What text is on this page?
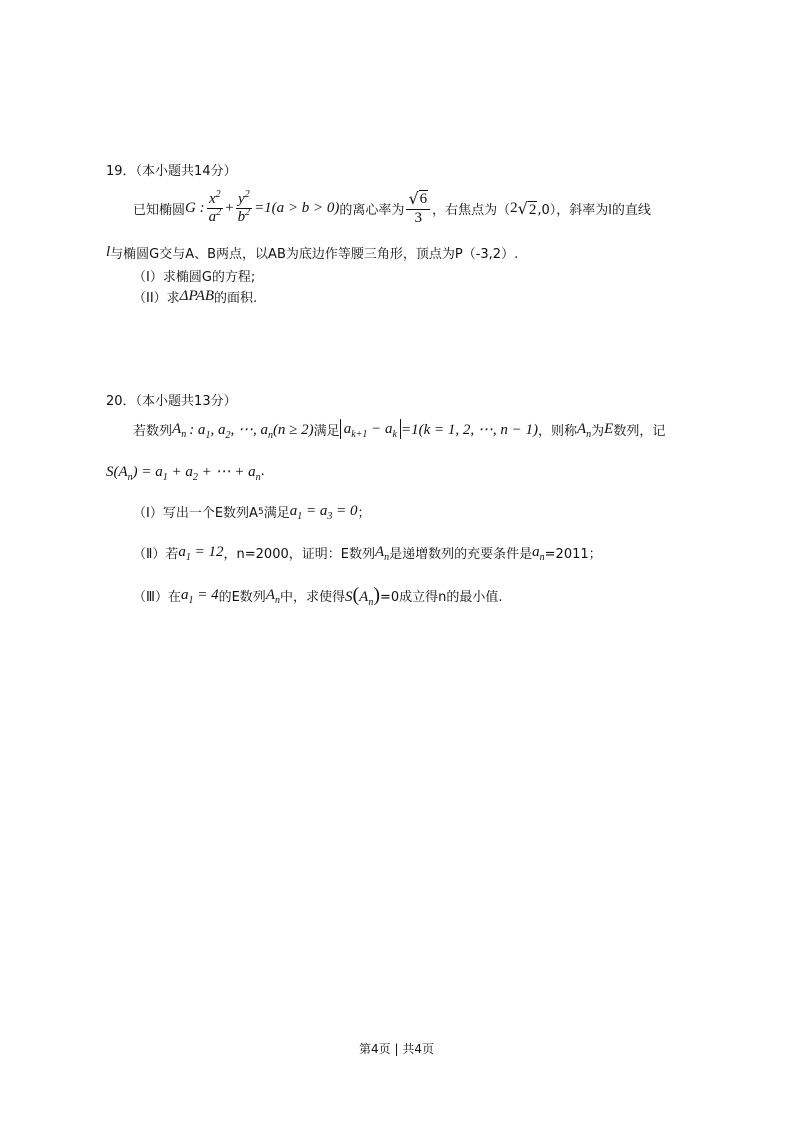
19．（本小题共14分）
已知椭圆 G : $\frac{x^2}{a^2} + \frac{y^2}{b^2} =1(a > b > 0)$ 的离心率为 $\frac{√ 6}{3}$ ，右焦点为（ 2 √ 2 ,0），斜率为l的直线
l 与椭圆G交与A、B两点，以AB为底边作等腰三角形，顶点为P（-3,2）.
（I）求椭圆G的方程;
（II）求 ΔPAB 的面积.
20．（本小题共13分）
若数列 $A_n$ : $a_1$, $a_2$, ⋯, $a_n(n \ge 2)$ 满足 $a_{k+1} - a_k =1(k = 1$, 2, ⋯, n − 1) ，则称 $A_n$ 为 E 数列，记
$S(A_n) = a_1 + a_2$ + ⋯ + $a_n$ .
（Ⅰ）写出一个E数列A 5 满足 $a_1 = a_3 = 0$ ；
（Ⅱ）若 $a_1 = 12$ ，n=2000，证明：E数列 $A_n$ 是递增数列的充要条件是 $a_n =2011$；
（Ⅲ）在 $a_1 = 4$ 的E数列 $A_n$ 中，求使得 $S(A_n) =0$成立得n的最小值.
第4页 | 共4页
